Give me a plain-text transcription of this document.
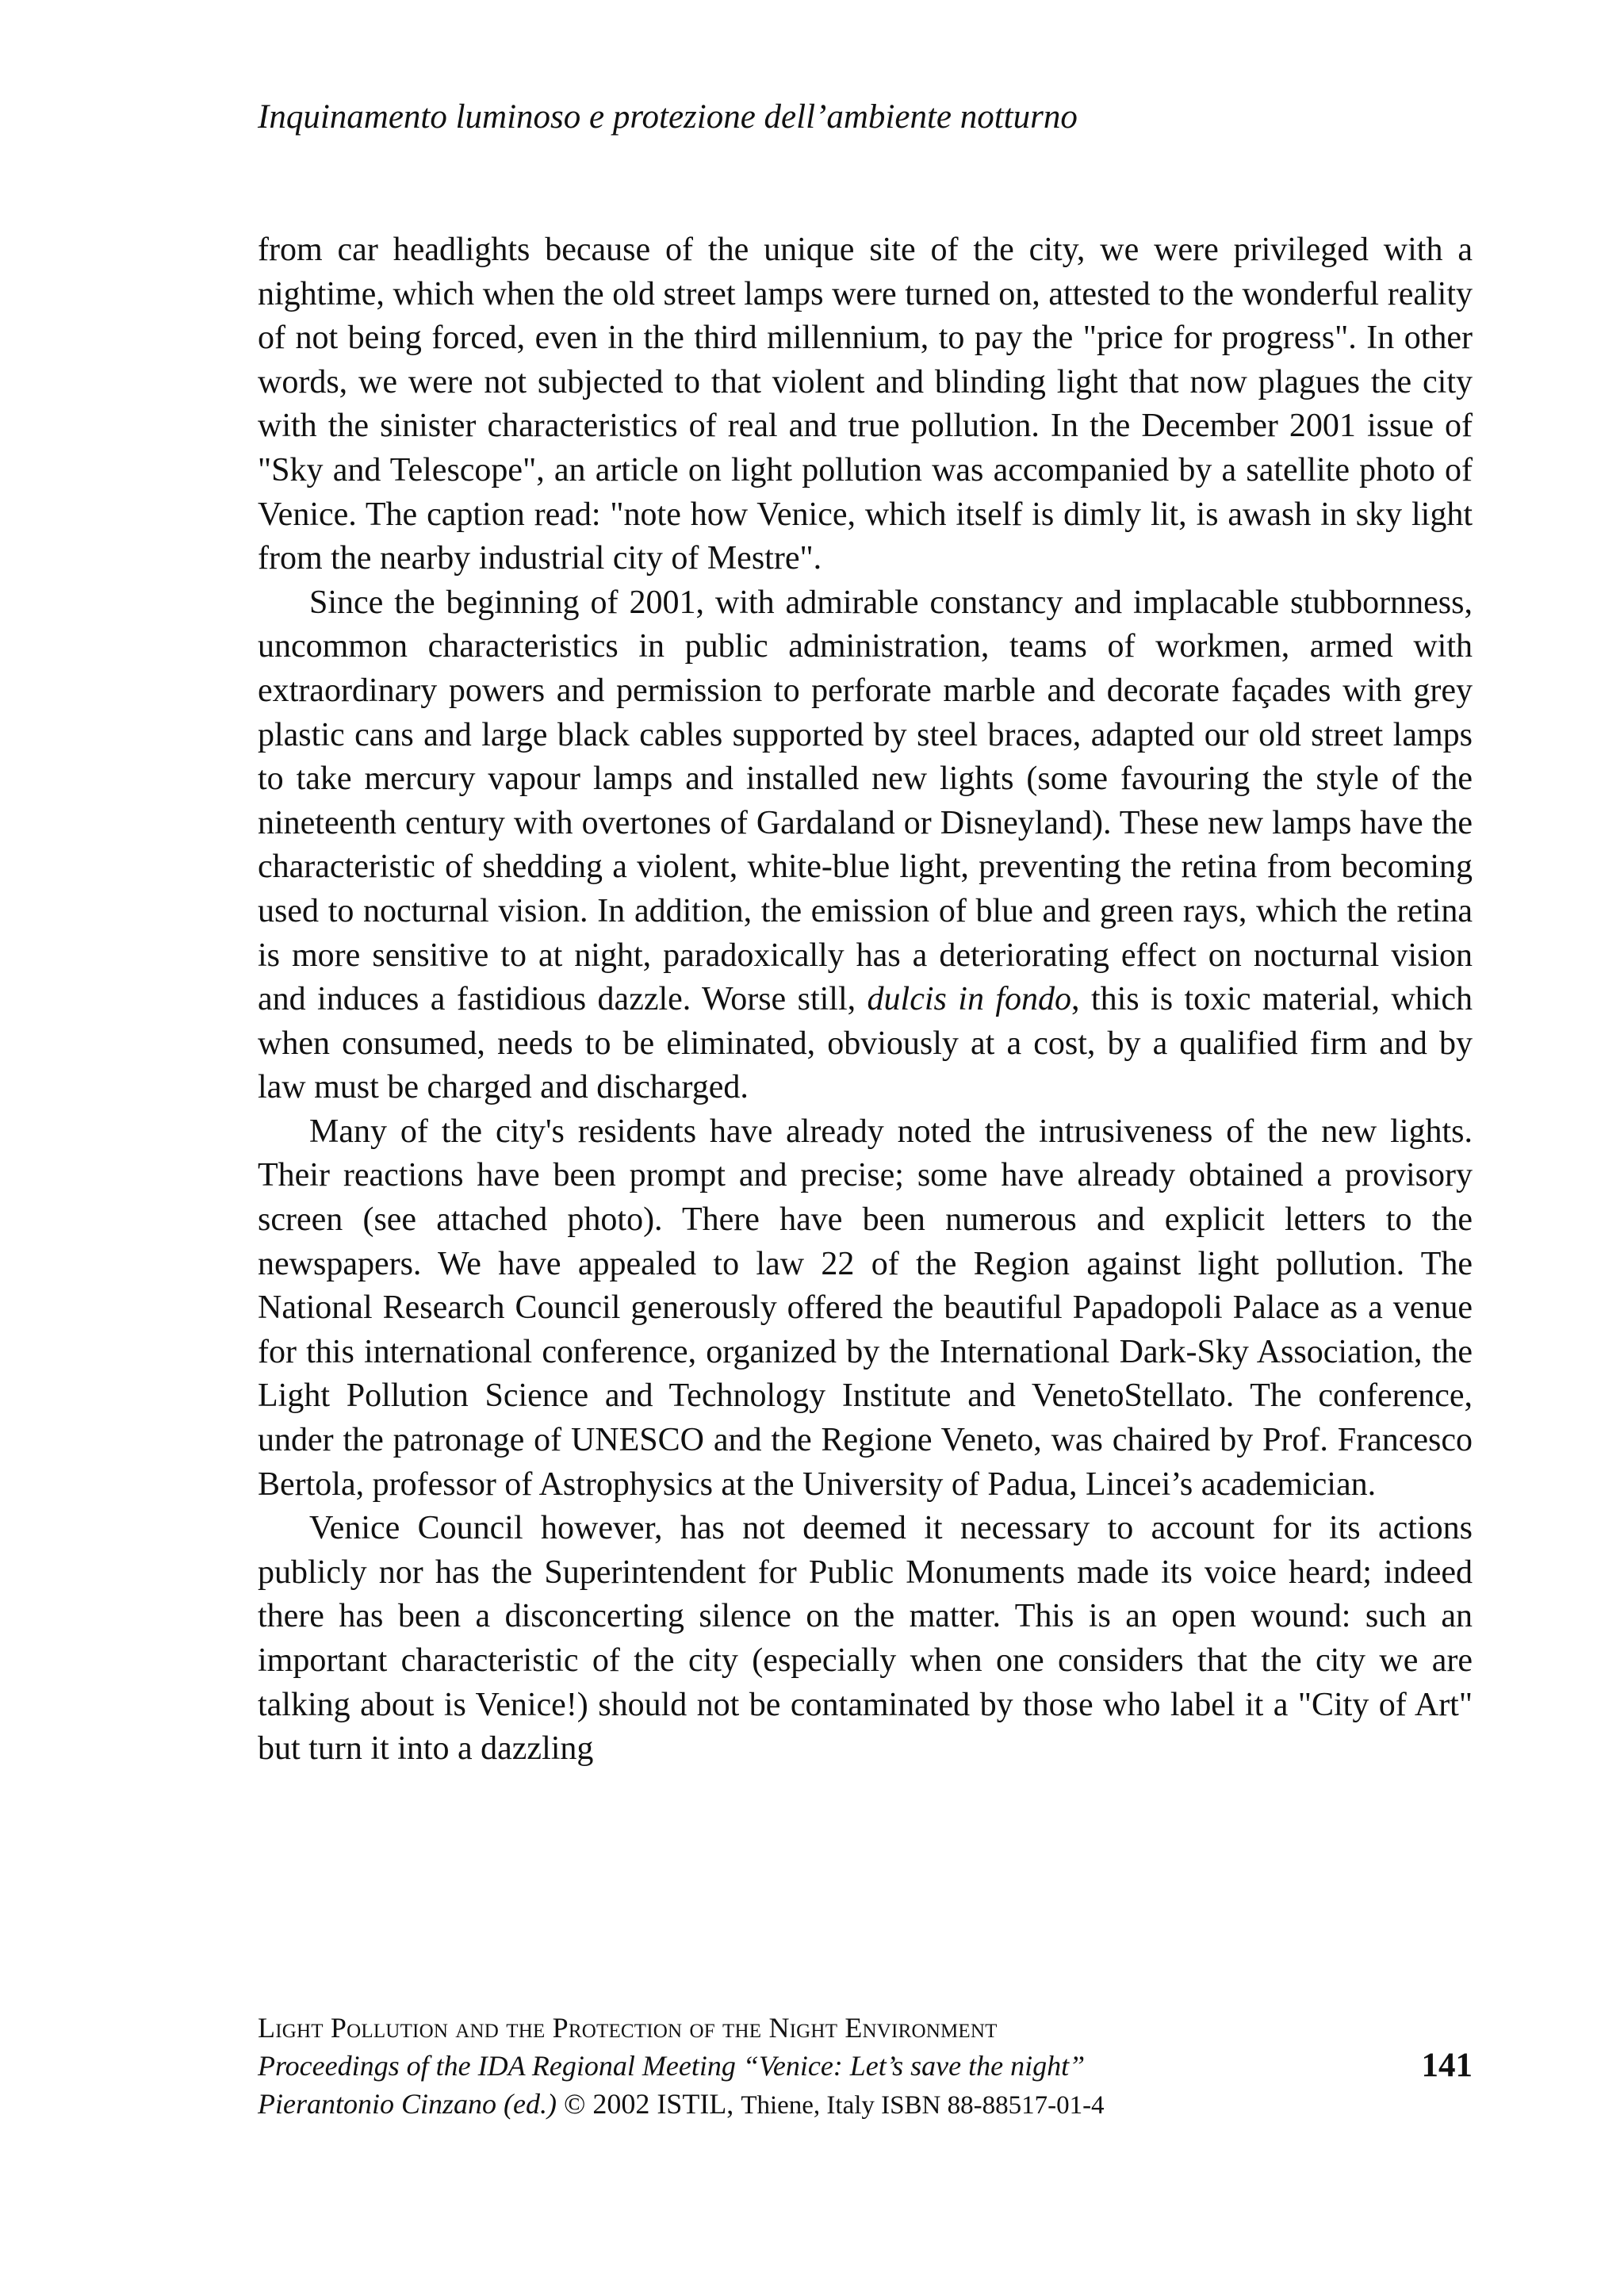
Inquinamento luminoso e protezione dell’ambiente notturno

from car headlights because of the unique site of the city, we were privileged with a nightime, which when the old street lamps were turned on, attested to the wonderful reality of not being forced, even in the third millennium, to pay the "price for progress". In other words, we were not subjected to that violent and blinding light that now plagues the city with the sinister characteristics of real and true pollution. In the December 2001 issue of "Sky and Telescope", an article on light pollution was accompanied by a satellite photo of Venice. The caption read: "note how Venice, which itself is dimly lit, is awash in sky light from the nearby industrial city of Mestre".

Since the beginning of 2001, with admirable constancy and implacable stubbornness, uncommon characteristics in public administration, teams of workmen, armed with extraordinary powers and permission to perforate marble and decorate façades with grey plastic cans and large black cables supported by steel braces, adapted our old street lamps to take mercury vapour lamps and installed new lights (some favouring the style of the nineteenth century with overtones of Gardaland or Disneyland). These new lamps have the characteristic of shedding a violent, white-blue light, preventing the retina from becoming used to nocturnal vision. In addition, the emission of blue and green rays, which the retina is more sensitive to at night, paradoxically has a deteriorating effect on nocturnal vision and induces a fastidious dazzle. Worse still, dulcis in fondo, this is toxic material, which when consumed, needs to be eliminated, obviously at a cost, by a qualified firm and by law must be charged and discharged.

Many of the city's residents have already noted the intrusiveness of the new lights. Their reactions have been prompt and precise; some have already obtained a provisory screen (see attached photo). There have been numerous and explicit letters to the newspapers. We have appealed to law 22 of the Region against light pollution. The National Research Council generously offered the beautiful Papadopoli Palace as a venue for this international conference, organized by the International Dark-Sky Association, the Light Pollution Science and Technology Institute and VenetoStellato. The conference, under the patronage of UNESCO and the Regione Veneto, was chaired by Prof. Francesco Bertola, professor of Astrophysics at the University of Padua, Lincei’s academician.

Venice Council however, has not deemed it necessary to account for its actions publicly nor has the Superintendent for Public Monuments made its voice heard; indeed there has been a disconcerting silence on the matter. This is an open wound: such an important characteristic of the city (especially when one considers that the city we are talking about is Venice!) should not be contaminated by those who label it a "City of Art" but turn it into a dazzling

Light Pollution and the Protection of the Night Environment
Proceedings of the IDA Regional Meeting “Venice: Let’s save the night”
Pierantonio Cinzano (ed.) © 2002 ISTIL, Thiene, Italy ISBN 88-88517-01-4
141
